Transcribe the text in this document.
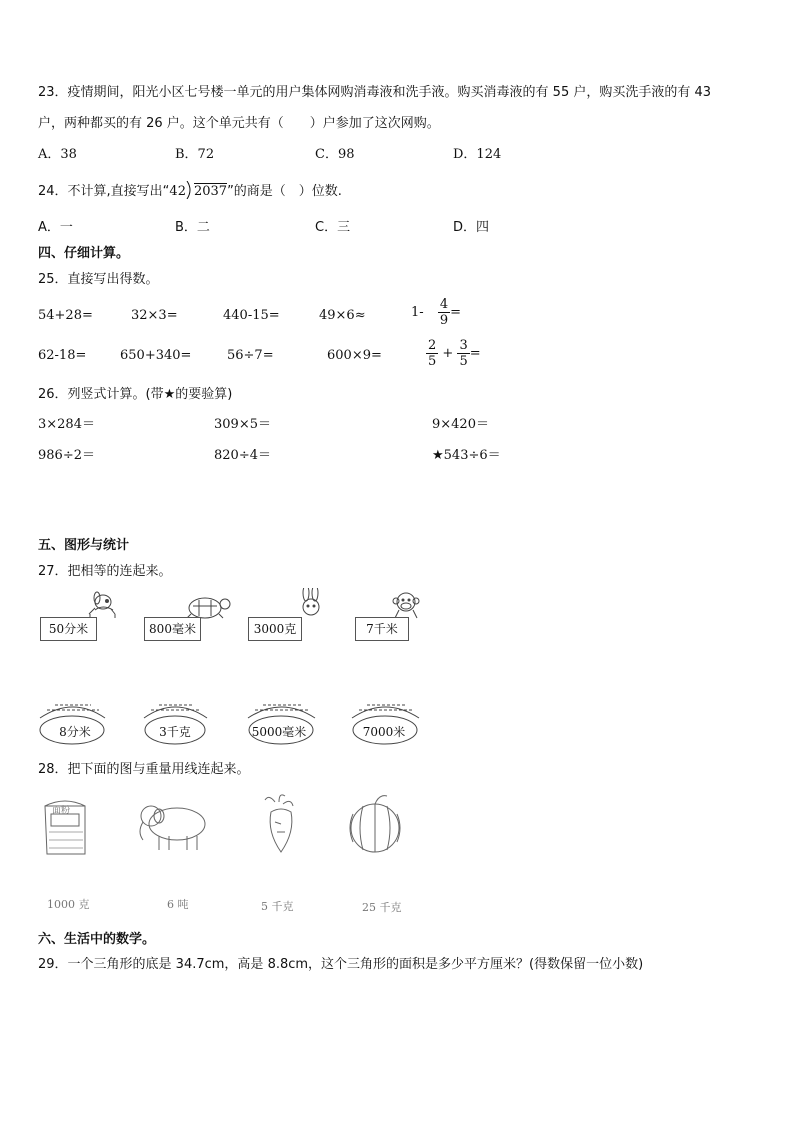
23．疫情期间，阳光小区七号楼一单元的用户集体网购消毒液和洗手液。购买消毒液的有 55 户，购买洗手液的有 43
户，两种都买的有 26 户。这个单元共有（　　）户参加了这次网购。
A．38	B．72	C．98	D．124
24．不计算,直接写出“42 2037”的商是（　）位数.
A．一	B．二	C．三	D．四
四、仔细计算。
25．直接写出得数。
54+28=	32×3=	440-15=	49×6≈	$1- \frac{4}{9}$ =
62-18=	650+340=	56÷7=	600×9=	$\frac{2}{5} + \frac{3}{5}$ =
26．列竖式计算。(带★的要验算)
3×284＝	309×5＝	9×420＝
986÷2＝	820÷4＝	★543÷6＝
五、图形与统计
27．把相等的连起来。
50分米	800毫米	3000克	7千米
8分米	3千克	5000毫米	7000米
28．把下面的图与重量用线连起来。
面粉
1000 克	6 吨	5 千克	25 千克
六、生活中的数学。
29．一个三角形的底是 34.7cm，高是 8.8cm，这个三角形的面积是多少平方厘米？(得数保留一位小数)
